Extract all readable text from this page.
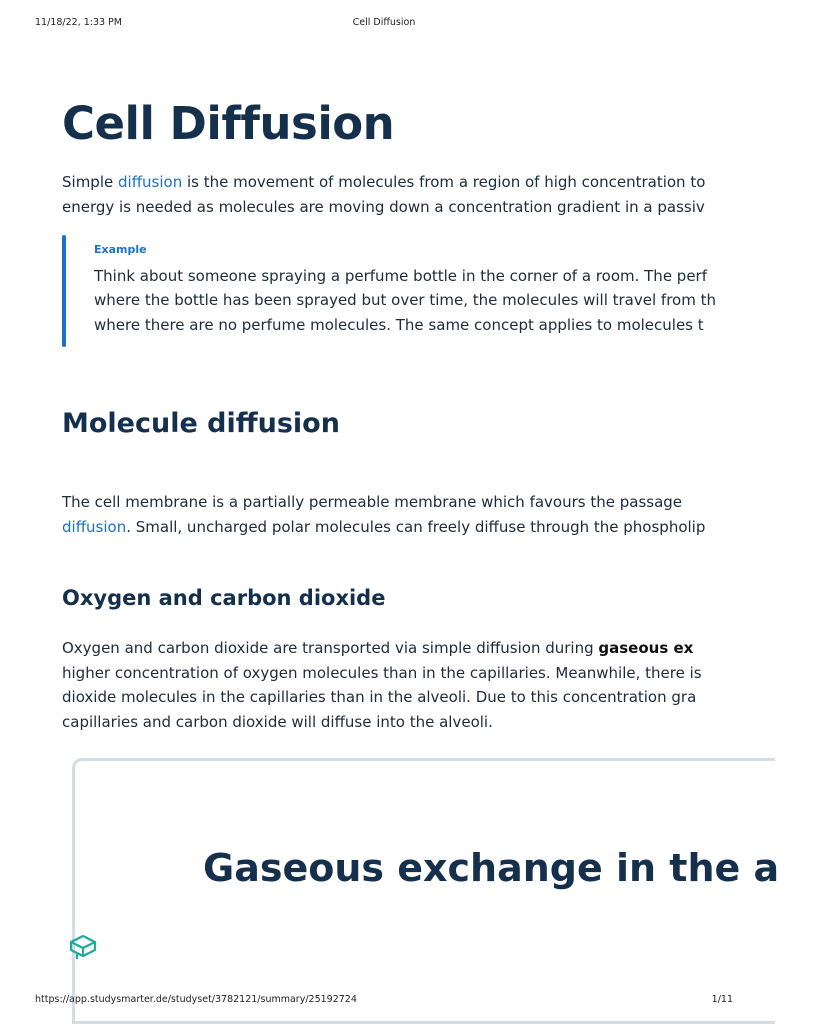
11/18/22, 1:33 PM	Cell Diffusion
Cell Diffusion

Simple diffusion is the movement of molecules from a region of high concentration to

energy is needed as molecules are moving down a concentration gradient in a passiv

Example
Think about someone spraying a perfume bottle in the corner of a room. The perf
where the bottle has been sprayed but over time, the molecules will travel from th
where there are no perfume molecules. The same concept applies to molecules t
Molecule diffusion

The cell membrane is a partially permeable membrane which favours the passage

diffusion. Small, uncharged polar molecules can freely diffuse through the phospholip

Oxygen and carbon dioxide

Oxygen and carbon dioxide are transported via simple diffusion during gaseous ex

higher concentration of oxygen molecules than in the capillaries. Meanwhile, there is

dioxide molecules in the capillaries than in the alveoli. Due to this concentration gra

capillaries and carbon dioxide will diffuse into the alveoli.

Gaseous exchange in the a
https://app.studysmarter.de/studyset/3782121/summary/25192724	1/11
